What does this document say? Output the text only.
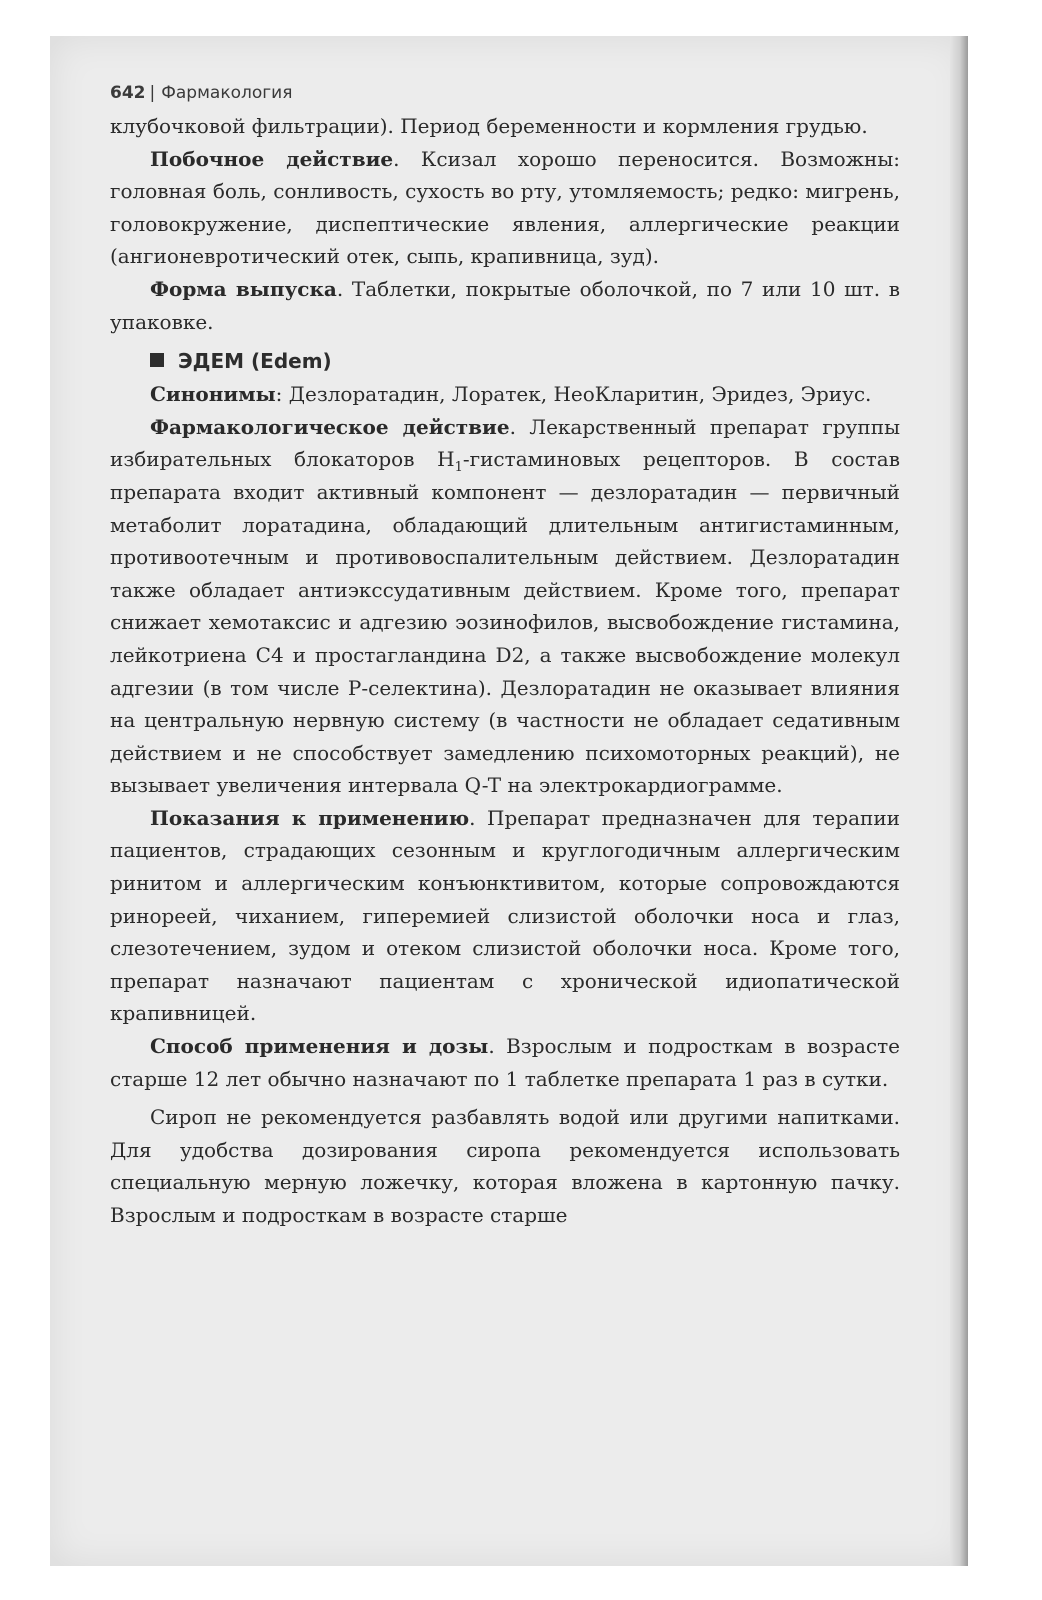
642 | Фармакология

клубочковой фильтрации). Период беременности и кормления грудью.

Побочное действие. Ксизал хорошо переносится. Возможны: головная боль, сонливость, сухость во рту, утомляемость; редко: мигрень, головокружение, диспептические явления, аллергические реакции (ангионевротический отек, сыпь, крапивница, зуд).

Форма выпуска. Таблетки, покрытые оболочкой, по 7 или 10 шт. в упаковке.

ЭДЕМ (Edem)

Синонимы: Дезлоратадин, Лоратек, НеоКларитин, Эридез, Эриус.

Фармакологическое действие. Лекарственный препарат группы избирательных блокаторов $Н_1$-гистаминовых рецепторов. В состав препарата входит активный компонент — дезлоратадин — первичный метаболит лоратадина, обладающий длительным антигистаминным, противоотечным и противовоспалительным действием. Дезлоратадин также обладает антиэкссудативным действием. Кроме того, препарат снижает хемотаксис и адгезию эозинофилов, высвобождение гистамина, лейкотриена С4 и простагландина D2, а также высвобождение молекул адгезии (в том числе Р-селектина). Дезлоратадин не оказывает влияния на центральную нервную систему (в частности не обладает седативным действием и не способствует замедлению психомоторных реакций), не вызывает увеличения интервала Q-T на электрокардиограмме.

Показания к применению. Препарат предназначен для терапии пациентов, страдающих сезонным и круглогодичным аллергическим ринитом и аллергическим конъюнктивитом, которые сопровождаются ринореей, чиханием, гиперемией слизистой оболочки носа и глаз, слезотечением, зудом и отеком слизистой оболочки носа. Кроме того, препарат назначают пациентам с хронической идиопатической крапивницей.

Способ применения и дозы. Взрослым и подросткам в возрасте старше 12 лет обычно назначают по 1 таблетке препарата 1 раз в сутки.

Сироп не рекомендуется разбавлять водой или другими напитками. Для удобства дозирования сиропа рекомендуется использовать специальную мерную ложечку, которая вложена в картонную пачку. Взрослым и подросткам в возрасте старше
